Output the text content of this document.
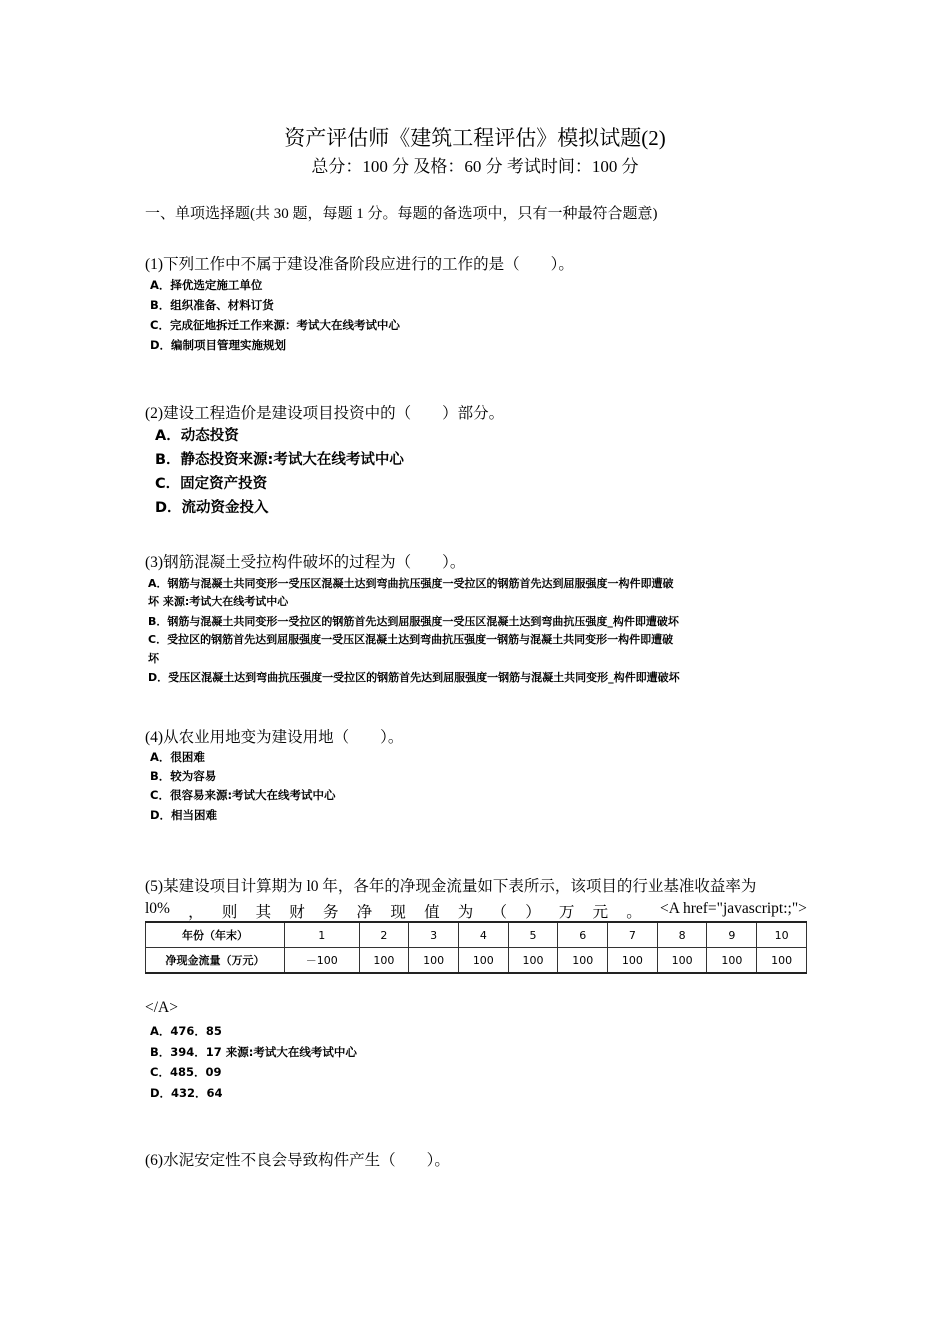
资产评估师《建筑工程评估》模拟试题(2)
总分：100 分 及格：60 分 考试时间：100 分
一、单项选择题(共 30 题，每题 1 分。每题的备选项中，只有一种最符合题意)
(1)下列工作中不属于建设准备阶段应进行的工作的是（　　）。
A．择优选定施工单位
B．组织准备、材料订货
C．完成征地拆迁工作来源：考试大在线考试中心
D．编制项目管理实施规划
(2)建设工程造价是建设项目投资中的（　　）部分。
A．动态投资
B．静态投资来源:考试大在线考试中心
C．固定资产投资
D．流动资金投入
(3)钢筋混凝土受拉构件破坏的过程为（　　）。
A．钢筋与混凝土共同变形一受压区混凝土达到弯曲抗压强度一受拉区的钢筋首先达到屈服强度一构件即遭破
坏 来源:考试大在线考试中心
B．钢筋与混凝土共同变形一受拉区的钢筋首先达到屈服强度一受压区混凝土达到弯曲抗压强度_构件即遭破坏
C．受拉区的钢筋首先达到屈服强度一受压区混凝土达到弯曲抗压强度一钢筋与混凝土共同变形一构件即遭破
坏
D．受压区混凝土达到弯曲抗压强度一受拉区的钢筋首先达到屈服强度一钢筋与混凝土共同变形_构件即遭破坏
(4)从农业用地变为建设用地（　　）。
A．很困难
B．较为容易
C．很容易来源:考试大在线考试中心
D．相当困难
(5)某建设项目计算期为 l0 年，各年的净现金流量如下表所示，该项目的行业基准收益率为
l0% ， 则 其 财 务 净 现 值 为 （ ） 万 元 。 <A href="javascript:;">
年份（年末）	1	2	3	4	5	6	7	8	9	10
净现金流量（万元）	－100	100	100	100	100	100	100	100	100	100
</A>
A．476．85
B．394．17 来源:考试大在线考试中心
C．485．09
D．432．64
(6)水泥安定性不良会导致构件产生（　　）。
